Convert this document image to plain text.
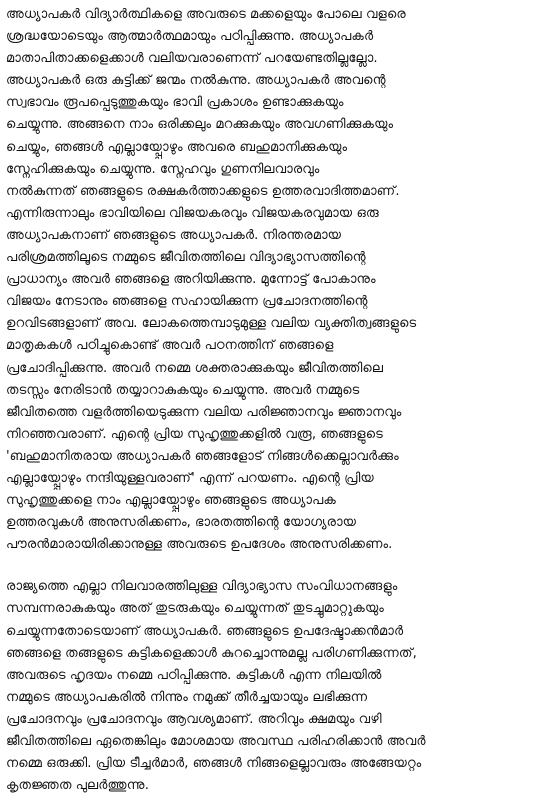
അധ്യാപകർ വിദ്യാർത്ഥികളെ അവരുടെ മക്കളെയും പോലെ വളരെ
ശ്രദ്ധയോടെയും ആത്മാർത്ഥമായും പഠിപ്പിക്കുന്നു. അധ്യാപകർ
മാതാപിതാക്കളെക്കാൾ വലിയവരാണെന്ന് പറയേണ്ടതില്ലല്ലോ.
അധ്യാപകർ ഒരു കുട്ടിക്ക് ജന്മം നൽകുന്നു. അധ്യാപകർ അവന്റെ
സ്വഭാവം രൂപപ്പെടുത്തുകയും ഭാവി പ്രകാശം ഉണ്ടാക്കുകയും
ചെയ്യുന്നു. അങ്ങനെ നാം ഒരിക്കലും മറക്കുകയും അവഗണിക്കുകയും
ചെയ്യും, ഞങ്ങൾ എല്ലായ്പ്പോഴും അവരെ ബഹുമാനിക്കുകയും
സ്നേഹിക്കുകയും ചെയ്യുന്നു. സ്നേഹവും ഗുണനിലവാരവും
നൽകുന്നത് ഞങ്ങളുടെ രക്ഷകർത്താക്കളുടെ ഉത്തരവാദിത്തമാണ്.
എന്നിരുന്നാലും ഭാവിയിലെ വിജയകരവും വിജയകരവുമായ ഒരു
അധ്യാപകനാണ് ഞങ്ങളുടെ അധ്യാപകർ. നിരന്തരമായ
പരിശ്രമത്തിലൂടെ നമ്മുടെ ജീവിതത്തിലെ വിദ്യാഭ്യാസത്തിന്റെ
പ്രാധാന്യം അവർ ഞങ്ങളെ അറിയിക്കുന്നു. മുന്നോട്ട് പോകാനും
വിജയം നേടാനും ഞങ്ങളെ സഹായിക്കുന്ന പ്രചോദനത്തിന്റെ
ഉറവിടങ്ങളാണ് അവ. ലോകത്തെമ്പാടുമുള്ള വലിയ വ്യക്തിത്വങ്ങളുടെ
മാതൃകകൾ പഠിച്ചുകൊണ്ട് അവർ പഠനത്തിന് ഞങ്ങളെ
പ്രചോദിപ്പിക്കുന്നു. അവർ നമ്മെ ശക്തരാക്കുകയും ജീവിതത്തിലെ
തടസ്സം നേരിടാൻ തയ്യാറാകുകയും ചെയ്യുന്നു. അവർ നമ്മുടെ
ജീവിതത്തെ വളർത്തിയെടുക്കുന്ന വലിയ പരിജ്ഞാനവും ജ്ഞാനവും
നിറഞ്ഞവരാണ്. എന്റെ പ്രിയ സുഹൃത്തുക്കളിൽ വരൂ, ഞങ്ങളുടെ
'ബഹുമാനിതരായ അധ്യാപകർ ഞങ്ങളോട് നിങ്ങൾക്കെല്ലാവർക്കും
എല്ലായ്പ്പോഴും നന്ദിയുള്ളവരാണ്' എന്ന് പറയണം. എന്റെ പ്രിയ
സുഹൃത്തുക്കളെ നാം എല്ലായ്പ്പോഴും ഞങ്ങളുടെ അധ്യാപക
ഉത്തരവുകൾ അനുസരിക്കണം, ഭാരതത്തിന്റെ യോഗ്യരായ
പൗരൻമാരായിരിക്കാനുള്ള അവരുടെ ഉപദേശം അനുസരിക്കണം.
രാജ്യത്തെ എല്ലാ നിലവാരത്തിലുള്ള വിദ്യാഭ്യാസ സംവിധാനങ്ങളും
സമ്പന്നരാകുകയും അത് തുടരുകയും ചെയ്യുന്നത് തുടച്ചുമാറ്റുകയും
ചെയ്യുന്നതോടെയാണ് അധ്യാപകർ. ഞങ്ങളുടെ ഉപദേഷ്ടാക്കൻമാർ
ഞങ്ങളെ തങ്ങളുടെ കുട്ടികളെക്കാൾ കുറച്ചൊന്നുമല്ല പരിഗണിക്കുന്നത്,
അവരുടെ ഹൃദയം നമ്മെ പഠിപ്പിക്കുന്നു. കുട്ടികൾ എന്ന നിലയിൽ
നമ്മുടെ അധ്യാപകരിൽ നിന്നും നമുക്ക് തീർച്ചയായും ലഭിക്കുന്ന
പ്രചോദനവും പ്രചോദനവും ആവശ്യമാണ്. അറിവും ക്ഷമയും വഴി
ജീവിതത്തിലെ ഏതെങ്കിലും മോശമായ അവസ്ഥ പരിഹരിക്കാൻ അവർ
നമ്മെ ഒരുക്കി. പ്രിയ ടീച്ചർമാർ, ഞങ്ങൾ നിങ്ങളെല്ലാവരും അങ്ങേയറ്റം
കൃതജ്ഞത പുലർത്തുന്നു.
